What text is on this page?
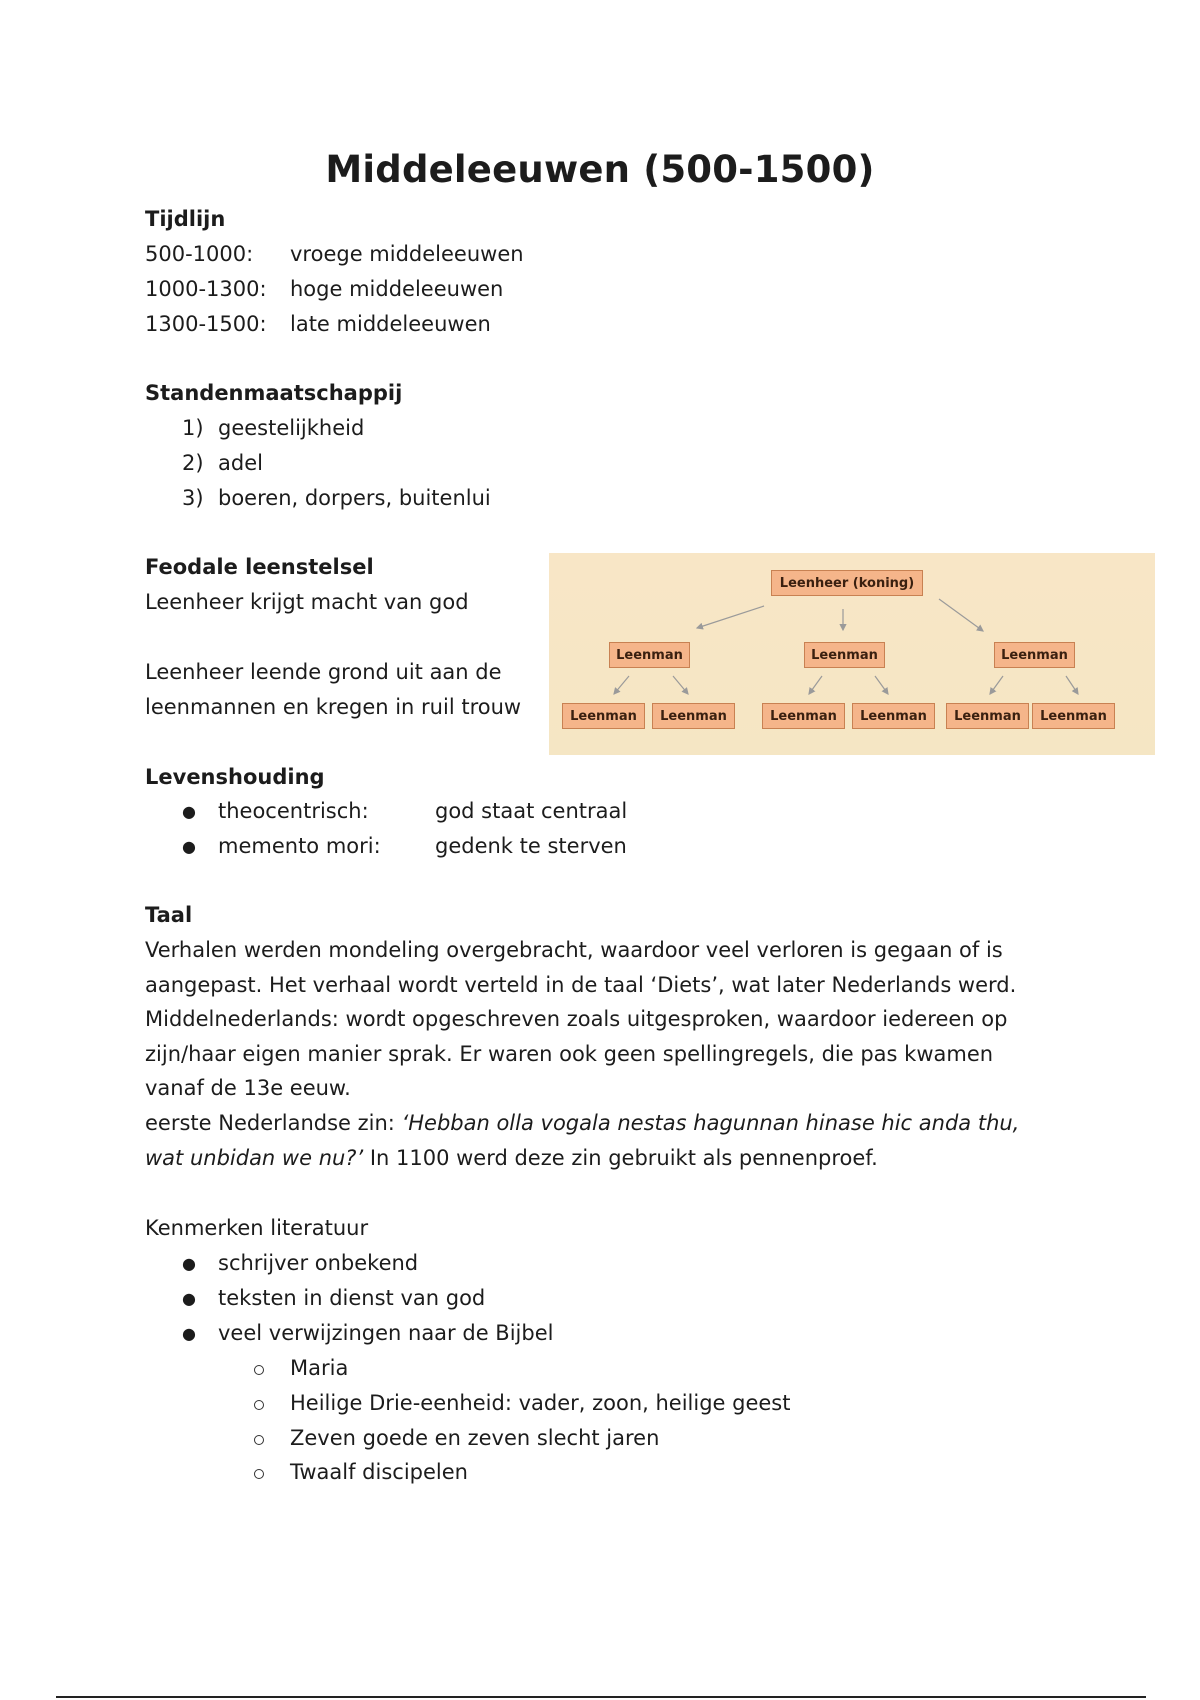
Middeleeuwen (500-1500)
Tijdlijn
500-1000: vroege middeleeuwen
1000-1300: hoge middeleeuwen
1300-1500: late middeleeuwen
Standenmaatschappij
1) geestelijkheid
2) adel
3) boeren, dorpers, buitenlui
Feodale leenstelsel
Leenheer krijgt macht van god
Leenheer leende grond uit aan de
leenmannen en kregen in ruil trouw
Leenheer (koning)
Leenman	Leenman	Leenman
Leenman	Leenman	Leenman	Leenman	Leenman	Leenman
Levenshouding
● theocentrisch:	god staat centraal
● memento mori:	gedenk te sterven
Taal

Verhalen werden mondeling overgebracht, waardoor veel verloren is gegaan of is aangepast. Het verhaal wordt verteld in de taal ‘Diets’, wat later Nederlands werd. Middelnederlands: wordt opgeschreven zoals uitgesproken, waardoor iedereen op zijn/haar eigen manier sprak. Er waren ook geen spellingregels, die pas kwamen vanaf de 13e eeuw.

eerste Nederlandse zin: ‘Hebban olla vogala nestas hagunnan hinase hic anda thu, wat unbidan we nu?’ In 1100 werd deze zin gebruikt als pennenproef.

Kenmerken literatuur
● schrijver onbekend
● teksten in dienst van god
● veel verwijzingen naar de Bijbel
Maria
Heilige Drie-eenheid: vader, zoon, heilige geest
Zeven goede en zeven slecht jaren
Twaalf discipelen
